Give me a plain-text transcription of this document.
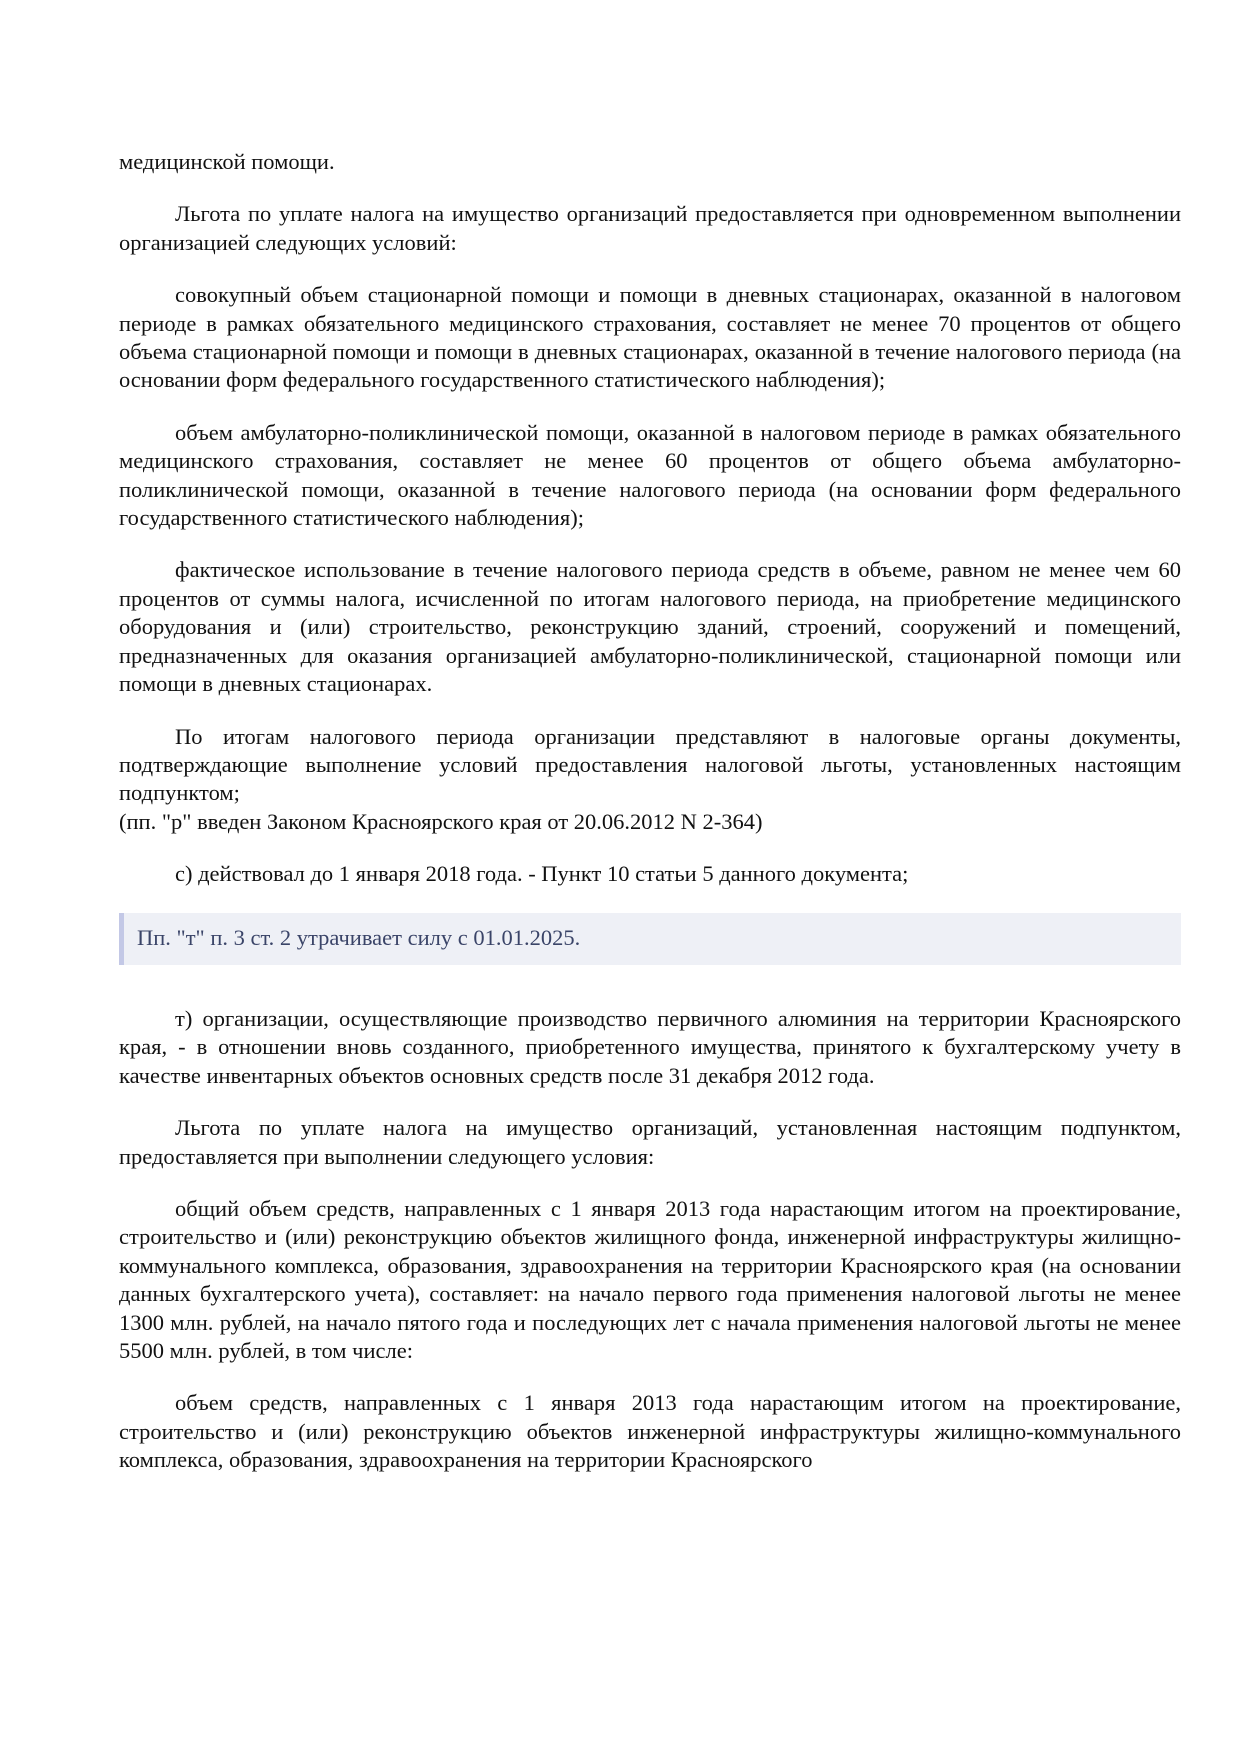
медицинской помощи.

Льгота по уплате налога на имущество организаций предоставляется при одновременном выполнении организацией следующих условий:

совокупный объем стационарной помощи и помощи в дневных стационарах, оказанной в налоговом периоде в рамках обязательного медицинского страхования, составляет не менее 70 процентов от общего объема стационарной помощи и помощи в дневных стационарах, оказанной в течение налогового периода (на основании форм федерального государственного статистического наблюдения);

объем амбулаторно-поликлинической помощи, оказанной в налоговом периоде в рамках обязательного медицинского страхования, составляет не менее 60 процентов от общего объема амбулаторно-поликлинической помощи, оказанной в течение налогового периода (на основании форм федерального государственного статистического наблюдения);

фактическое использование в течение налогового периода средств в объеме, равном не менее чем 60 процентов от суммы налога, исчисленной по итогам налогового периода, на приобретение медицинского оборудования и (или) строительство, реконструкцию зданий, строений, сооружений и помещений, предназначенных для оказания организацией амбулаторно-поликлинической, стационарной помощи или помощи в дневных стационарах.

По итогам налогового периода организации представляют в налоговые органы документы, подтверждающие выполнение условий предоставления налоговой льготы, установленных настоящим подпунктом;

(пп. "р" введен Законом Красноярского края от 20.06.2012 N 2-364)

с) действовал до 1 января 2018 года. - Пункт 10 статьи 5 данного документа;

Пп. "т" п. 3 ст. 2 утрачивает силу с 01.01.2025.

т) организации, осуществляющие производство первичного алюминия на территории Красноярского края, - в отношении вновь созданного, приобретенного имущества, принятого к бухгалтерскому учету в качестве инвентарных объектов основных средств после 31 декабря 2012 года.

Льгота по уплате налога на имущество организаций, установленная настоящим подпунктом, предоставляется при выполнении следующего условия:

общий объем средств, направленных с 1 января 2013 года нарастающим итогом на проектирование, строительство и (или) реконструкцию объектов жилищного фонда, инженерной инфраструктуры жилищно-коммунального комплекса, образования, здравоохранения на территории Красноярского края (на основании данных бухгалтерского учета), составляет: на начало первого года применения налоговой льготы не менее 1300 млн. рублей, на начало пятого года и последующих лет с начала применения налоговой льготы не менее 5500 млн. рублей, в том числе:

объем средств, направленных с 1 января 2013 года нарастающим итогом на проектирование, строительство и (или) реконструкцию объектов инженерной инфраструктуры жилищно-коммунального комплекса, образования, здравоохранения на территории Красноярского
